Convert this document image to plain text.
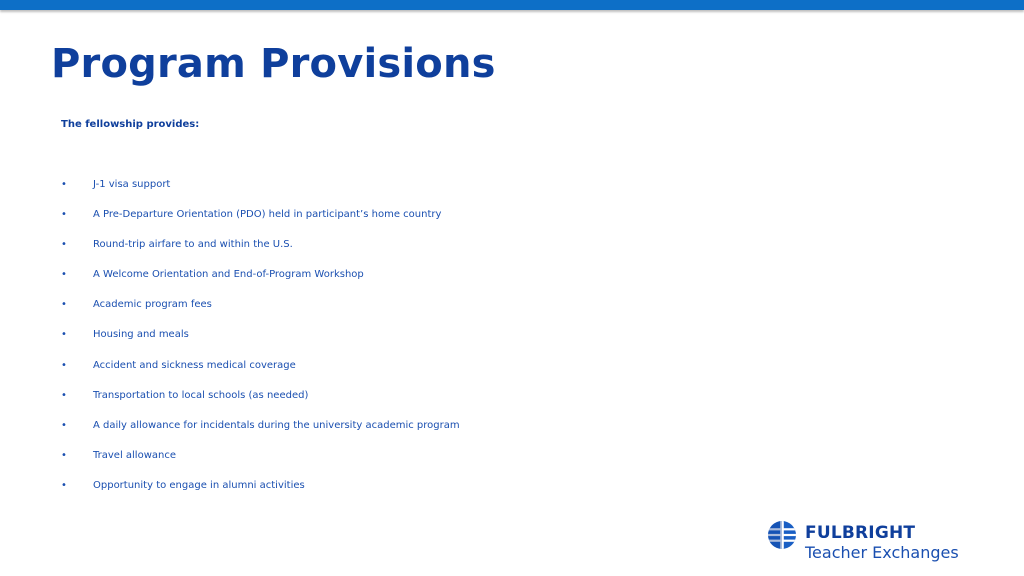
Program Provisions
The fellowship provides:
•	J-1 visa support
•	A Pre-Departure Orientation (PDO) held in participant’s home country
•	Round-trip airfare to and within the U.S.
•	A Welcome Orientation and End-of-Program Workshop
•	Academic program fees
•	Housing and meals
•	Accident and sickness medical coverage
•	Transportation to local schools (as needed)
•	A daily allowance for incidentals during the university academic program
•	Travel allowance
•	Opportunity to engage in alumni activities
FULBRIGHT
Teacher Exchanges
